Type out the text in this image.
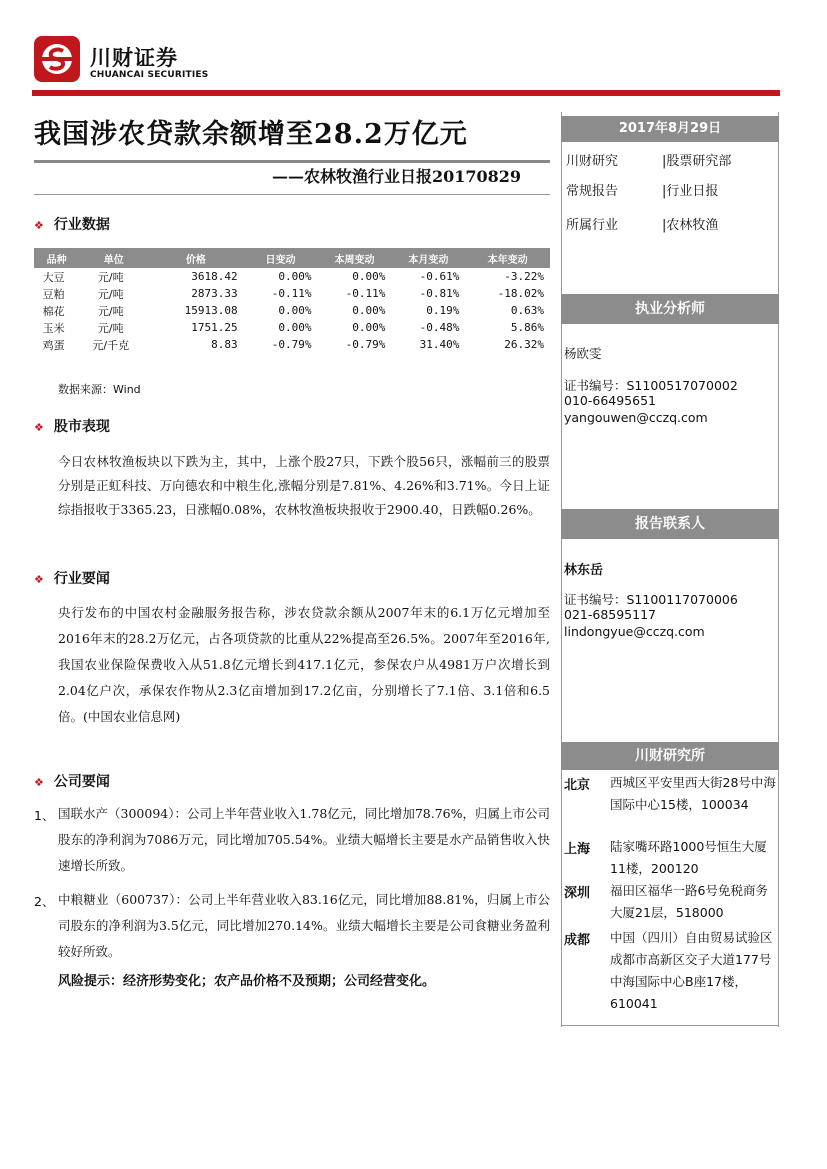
川财证券
CHUANCAI SECURITIES
我国涉农贷款余额增至28.2万亿元
——农林牧渔行业日报20170829
❖ 行业数据
品种	单位	价格	日变动	本周变动	本月变动	本年变动
大豆	元/吨	3618.42	0.00%	0.00%	-0.61%	-3.22%
豆粕	元/吨	2873.33	-0.11%	-0.11%	-0.81%	-18.02%
棉花	元/吨	15913.08	0.00%	0.00%	0.19%	0.63%
玉米	元/吨	1751.25	0.00%	0.00%	-0.48%	5.86%
鸡蛋	元/千克	8.83	-0.79%	-0.79%	31.40%	26.32%
数据来源：Wind
❖ 股市表现
今日农林牧渔板块以下跌为主，其中，上涨个股27只，下跌个股56只，涨幅前三的股票分别是正虹科技、万向德农和中粮生化,涨幅分别是7.81%、4.26%和3.71%。今日上证综指报收于3365.23，日涨幅0.08%，农林牧渔板块报收于2900.40，日跌幅0.26%。
❖ 行业要闻
央行发布的中国农村金融服务报告称，涉农贷款余额从2007年末的6.1万亿元增加至2016年末的28.2万亿元，占各项贷款的比重从22%提高至26.5%。2007年至2016年,我国农业保险保费收入从51.8亿元增长到417.1亿元，参保农户从4981万户次增长到2.04亿户次，承保农作物从2.3亿亩增加到17.2亿亩，分别增长了7.1倍、3.1倍和6.5倍。(中国农业信息网)
❖ 公司要闻
1、 国联水产（300094）：公司上半年营业收入1.78亿元，同比增加78.76%，归属上市公司股东的净利润为7086万元，同比增加705.54%。业绩大幅增长主要是水产品销售收入快速增长所致。
2、 中粮糖业（600737）：公司上半年营业收入83.16亿元，同比增加88.81%，归属上市公司股东的净利润为3.5亿元，同比增加270.14%。业绩大幅增长主要是公司食糖业务盈利较好所致。
风险提示：经济形势变化；农产品价格不及预期；公司经营变化。
2017年8月29日
川财研究	|股票研究部
常规报告	|行业日报
所属行业	|农林牧渔
执业分析师
杨欧雯
证书编号：S1100517070002
010-66495651
yangouwen@cczq.com
报告联系人
林东岳
证书编号：S1100117070006
021-68595117
lindongyue@cczq.com
川财研究所
北京 西城区平安里西大街28号中海国际中心15楼，100034
上海 陆家嘴环路1000号恒生大厦11楼，200120
深圳 福田区福华一路6号免税商务大厦21层，518000
成都 中国（四川）自由贸易试验区成都市高新区交子大道177号中海国际中心B座17楼，610041
